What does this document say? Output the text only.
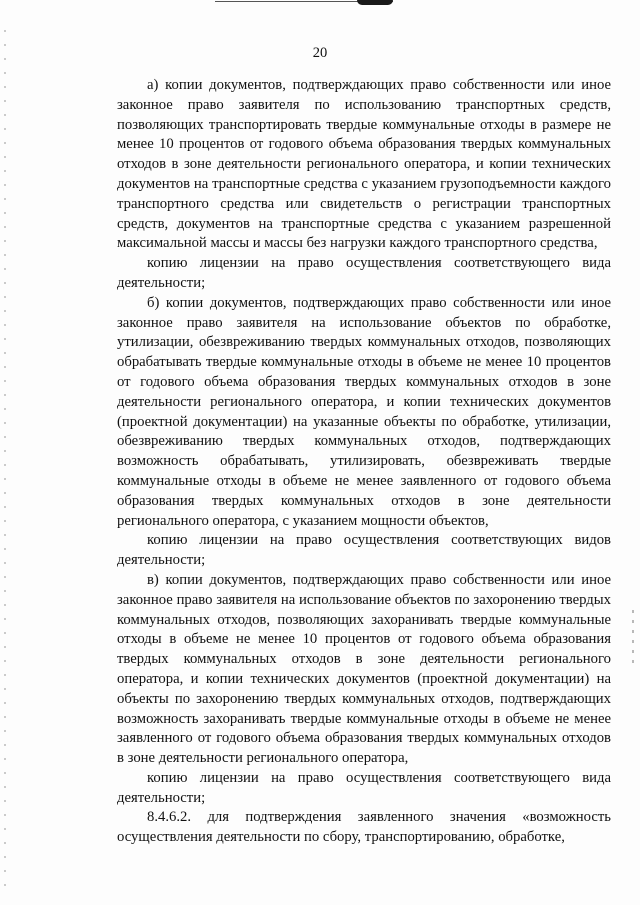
20

а) копии документов, подтверждающих право собственности или иное законное право заявителя по использованию транспортных средств, позволяющих транспортировать твердые коммунальные отходы в размере не менее 10 процентов от годового объема образования твердых коммунальных отходов в зоне деятельности регионального оператора, и копии технических документов на транспортные средства с указанием грузоподъемности каждого транспортного средства или свидетельств о регистрации транспортных средств, документов на транспортные средства с указанием разрешенной максимальной массы и массы без нагрузки каждого транспортного средства,

копию лицензии на право осуществления соответствующего вида деятельности;

б) копии документов, подтверждающих право собственности или иное законное право заявителя на использование объектов по обработке, утилизации, обезвреживанию твердых коммунальных отходов, позволяющих обрабатывать твердые коммунальные отходы в объеме не менее 10 процентов от годового объема образования твердых коммунальных отходов в зоне деятельности регионального оператора, и копии технических документов (проектной документации) на указанные объекты по обработке, утилизации, обезвреживанию твердых коммунальных отходов, подтверждающих возможность обрабатывать, утилизировать, обезвреживать твердые коммунальные отходы в объеме не менее заявленного от годового объема образования твердых коммунальных отходов в зоне деятельности регионального оператора, с указанием мощности объектов,

копию лицензии на право осуществления соответствующих видов деятельности;

в) копии документов, подтверждающих право собственности или иное законное право заявителя на использование объектов по захоронению твердых коммунальных отходов, позволяющих захоранивать твердые коммунальные отходы в объеме не менее 10 процентов от годового объема образования твердых коммунальных отходов в зоне деятельности регионального оператора, и копии технических документов (проектной документации) на объекты по захоронению твердых коммунальных отходов, подтверждающих возможность захоранивать твердые коммунальные отходы в объеме не менее заявленного от годового объема образования твердых коммунальных отходов в зоне деятельности регионального оператора,

копию лицензии на право осуществления соответствующего вида деятельности;

8.4.6.2. для подтверждения заявленного значения «возможность осуществления деятельности по сбору, транспортированию, обработке,
